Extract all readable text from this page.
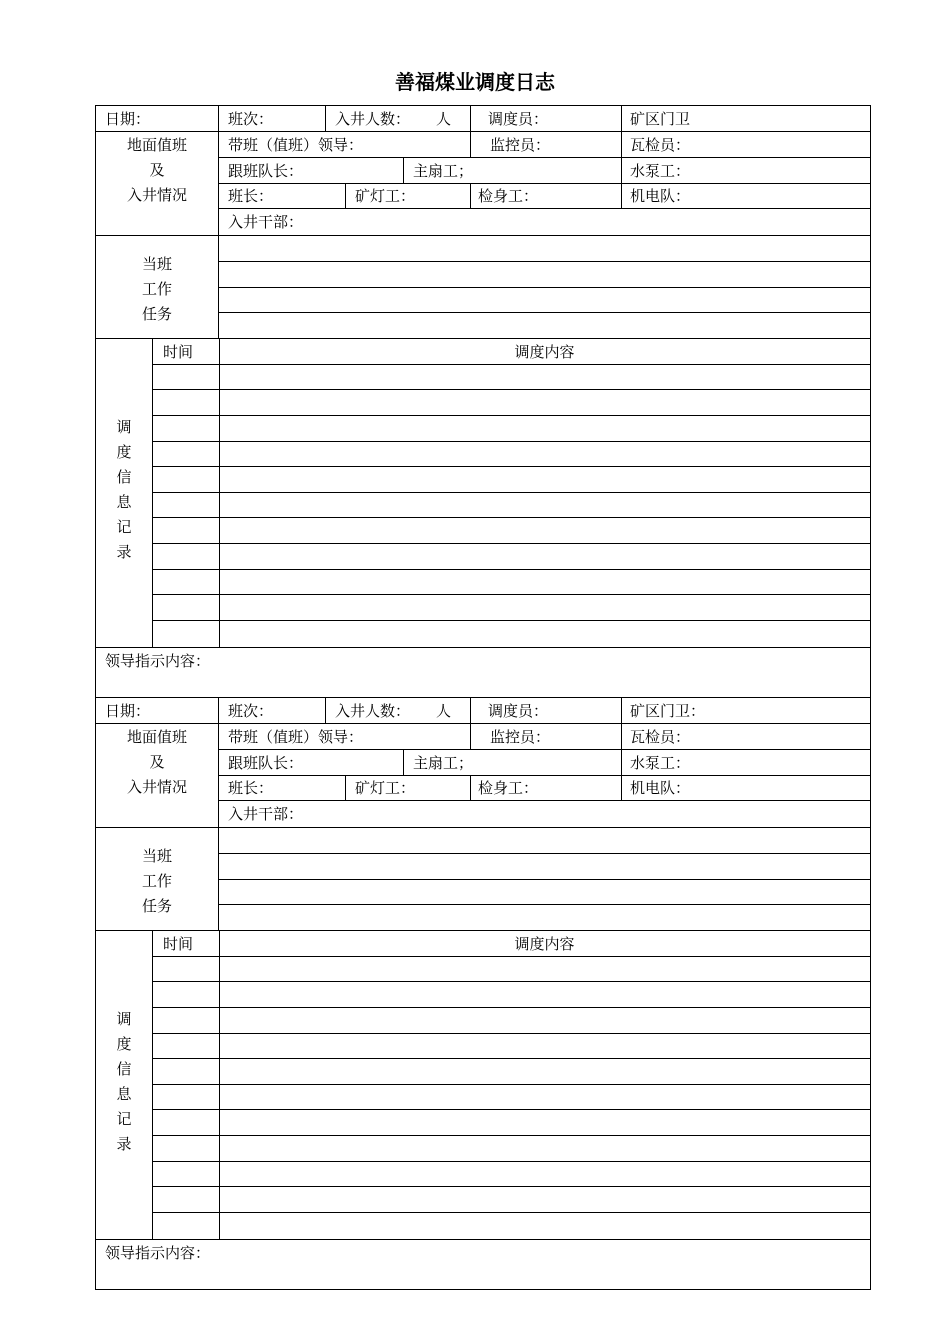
善福煤业调度日志
日期：	班次：	入井人数： 人 调度员：	矿区门卫
地面值班
及
入井情况
带班（值班）领导：	监控员：	瓦检员：
跟班队长：	主扇工；	水泵工：
班长：	矿灯工：	检身工：	机电队：
入井干部：
当班
工作
任务
时间	调度内容
调
度
信
息
记
录
领导指示内容：
日期：	班次：	入井人数： 人 调度员：	矿区门卫：
地面值班
及
入井情况
带班（值班）领导：	监控员：	瓦检员：
跟班队长：	主扇工；	水泵工：
班长：	矿灯工：	检身工：	机电队：
入井干部：
当班
工作
任务
时间	调度内容
调
度
信
息
记
录
领导指示内容：
